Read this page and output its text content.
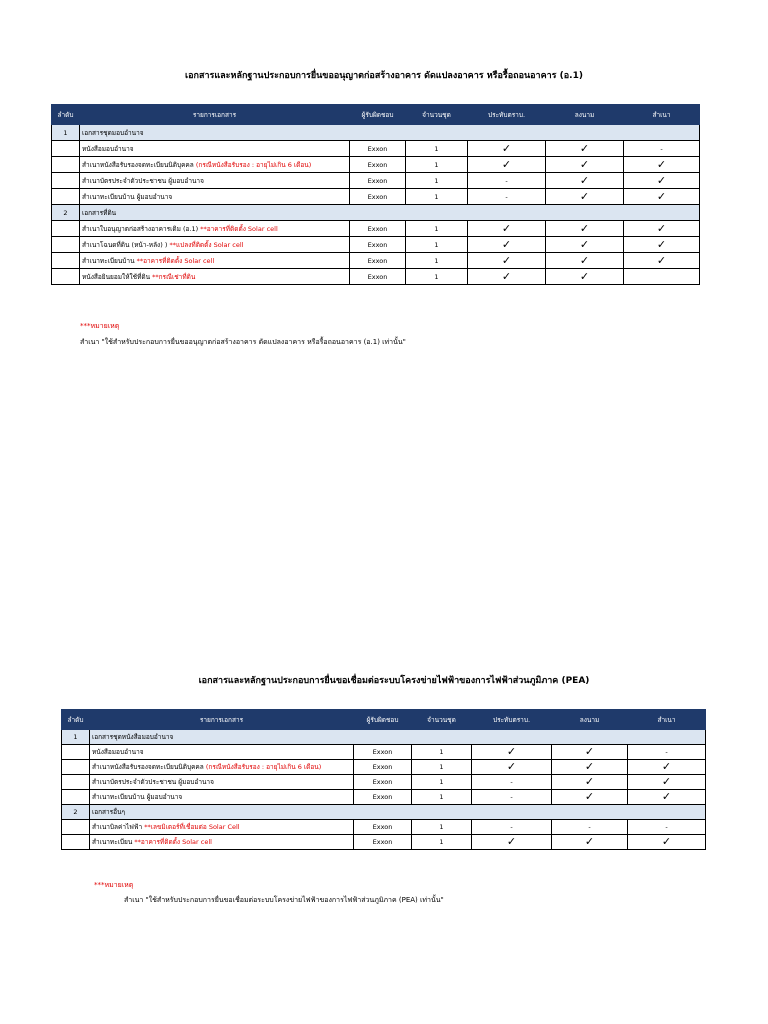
เอกสารและหลักฐานประกอบการยื่นขออนุญาตก่อสร้างอาคาร ดัดแปลงอาคาร หรือรื้อถอนอาคาร (อ.1)
ลำดับ	รายการเอกสาร	ผู้รับผิดชอบ	จำนวนชุด	ประทับตราบ.	ลงนาม	สำเนา
1	เอกสารชุดมอบอำนาจ					
	หนังสือมอบอำนาจ	Exxon	1	✓	✓	-
	สำเนาหนังสือรับรองจดทะเบียนนิติบุคคล (กรณีหนังสือรับรอง : อายุไม่เกิน 6 เดือน)	Exxon	1	✓	✓	✓
	สำเนาบัตรประจำตัวประชาชน ผู้มอบอำนาจ	Exxon	1	-	✓	✓
	สำเนาทะเบียนบ้าน ผู้มอบอำนาจ	Exxon	1	-	✓	✓
2	เอกสารที่ดิน					
	สำเนาใบอนุญาตก่อสร้างอาคารเดิม (อ.1) **อาคารที่ติดตั้ง Solar cell	Exxon	1	✓	✓	✓
	สำเนาโฉนดที่ดิน (หน้า-หลัง) ) **แปลงที่ติดตั้ง Solar cell	Exxon	1	✓	✓	✓
	สำเนาทะเบียนบ้าน **อาคารที่ติดตั้ง Solar cell	Exxon	1	✓	✓	✓
	หนังสือยินยอมให้ใช้ที่ดิน **กรณีเช่าที่ดิน	Exxon	1	✓	✓	
***หมายเหตุ
สำเนา "ใช้สำหรับประกอบการยื่นขออนุญาตก่อสร้างอาคาร ดัดแปลงอาคาร หรือรื้อถอนอาคาร (อ.1) เท่านั้น"
เอกสารและหลักฐานประกอบการยื่นขอเชื่อมต่อระบบโครงข่ายไฟฟ้าของการไฟฟ้าส่วนภูมิภาค (PEA)
ลำดับ	รายการเอกสาร	ผู้รับผิดชอบ	จำนวนชุด	ประทับตราบ.	ลงนาม	สำเนา
1	เอกสารชุดหนังสือมอบอำนาจ					
	หนังสือมอบอำนาจ	Exxon	1	✓	✓	-
	สำเนาหนังสือรับรองจดทะเบียนนิติบุคคล (กรณีหนังสือรับรอง : อายุไม่เกิน 6 เดือน)	Exxon	1	✓	✓	✓
	สำเนาบัตรประจำตัวประชาชน ผู้มอบอำนาจ	Exxon	1	-	✓	✓
	สำเนาทะเบียนบ้าน ผู้มอบอำนาจ	Exxon	1	-	✓	✓
2	เอกสารอื่นๆ					
	สำเนาบิลค่าไฟฟ้า **เลขมิเตอร์ที่เชื่อมต่อ Solar Cell	Exxon	1	-	-	-
	สำเนาทะเบียน **อาคารที่ติดตั้ง Solar cell	Exxon	1	✓	✓	✓
***หมายเหตุ
สำเนา "ใช้สำหรับประกอบการยื่นขอเชื่อมต่อระบบโครงข่ายไฟฟ้าของการไฟฟ้าส่วนภูมิภาค (PEA) เท่านั้น"
